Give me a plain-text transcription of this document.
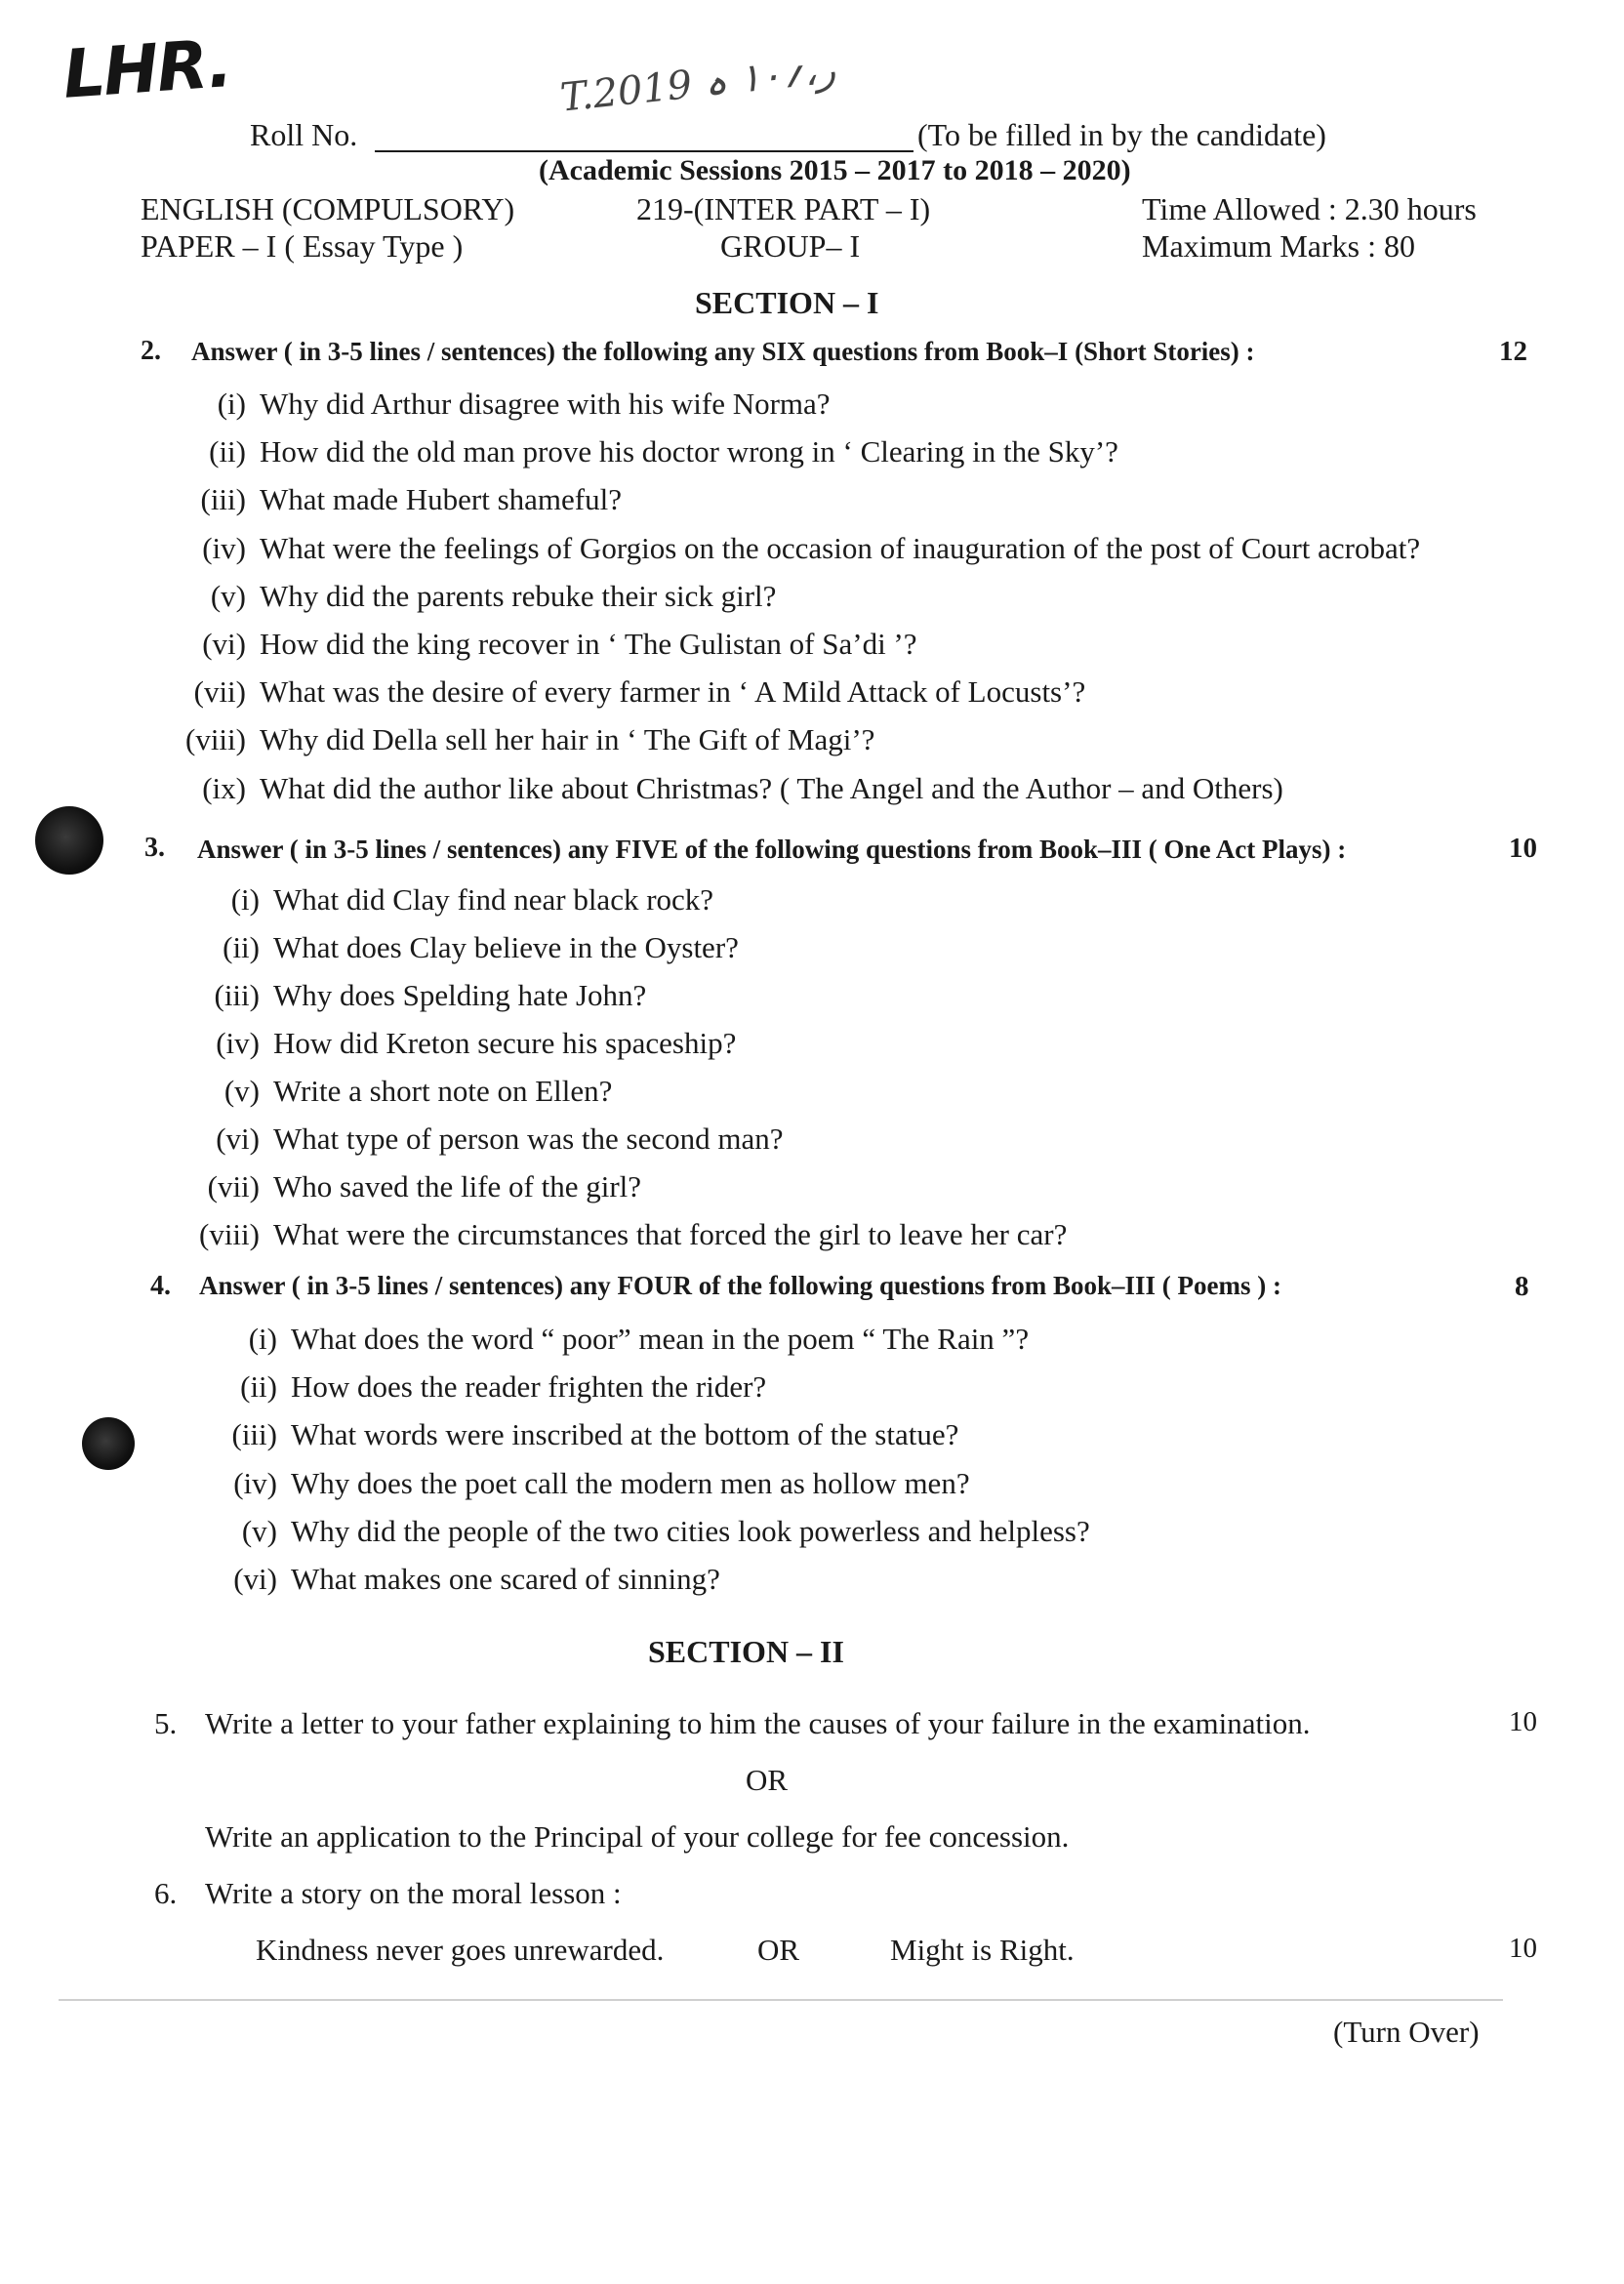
LHR.	T.ر،؍۱۰ ہ 2019
Roll No.	(To be filled in by the candidate)
(Academic Sessions 2015 – 2017 to 2018 – 2020)
ENGLISH (COMPULSORY)	219-(INTER PART – I)	Time Allowed : 2.30 hours
PAPER – I ( Essay Type )	GROUP– I	Maximum Marks : 80
SECTION – I
2. Answer ( in 3-5 lines / sentences) the following any SIX questions from Book–I (Short Stories) :	12
(i) Why did Arthur disagree with his wife Norma?
(ii) How did the old man prove his doctor wrong in ‘ Clearing in the Sky’?
(iii) What made Hubert shameful?
(iv) What were the feelings of Gorgios on the occasion of inauguration of the post of Court acrobat?
(v) Why did the parents rebuke their sick girl?
(vi) How did the king recover in ‘ The Gulistan of Sa’di ’?
(vii) What was the desire of every farmer in ‘ A Mild Attack of Locusts’?
(viii) Why did Della sell her hair in ‘ The Gift of Magi’?
(ix) What did the author like about Christmas? ( The Angel and the Author – and Others)
3. Answer ( in 3-5 lines / sentences) any FIVE of the following questions from Book–III ( One Act Plays) :	10
(i) What did Clay find near black rock?
(ii) What does Clay believe in the Oyster?
(iii) Why does Spelding hate John?
(iv) How did Kreton secure his spaceship?
(v) Write a short note on Ellen?
(vi) What type of person was the second man?
(vii) Who saved the life of the girl?
(viii) What were the circumstances that forced the girl to leave her car?
4. Answer ( in 3-5 lines / sentences) any FOUR of the following questions from Book–III ( Poems ) :	8
(i) What does the word “ poor” mean in the poem “ The Rain ”?
(ii) How does the reader frighten the rider?
(iii) What words were inscribed at the bottom of the statue?
(iv) Why does the poet call the modern men as hollow men?
(v) Why did the people of the two cities look powerless and helpless?
(vi) What makes one scared of sinning?
SECTION – II
5. Write a letter to your father explaining to him the causes of your failure in the examination.	10
OR
Write an application to the Principal of your college for fee concession.
6. Write a story on the moral lesson :
Kindness never goes unrewarded.	OR	Might is Right.	10
(Turn Over)
